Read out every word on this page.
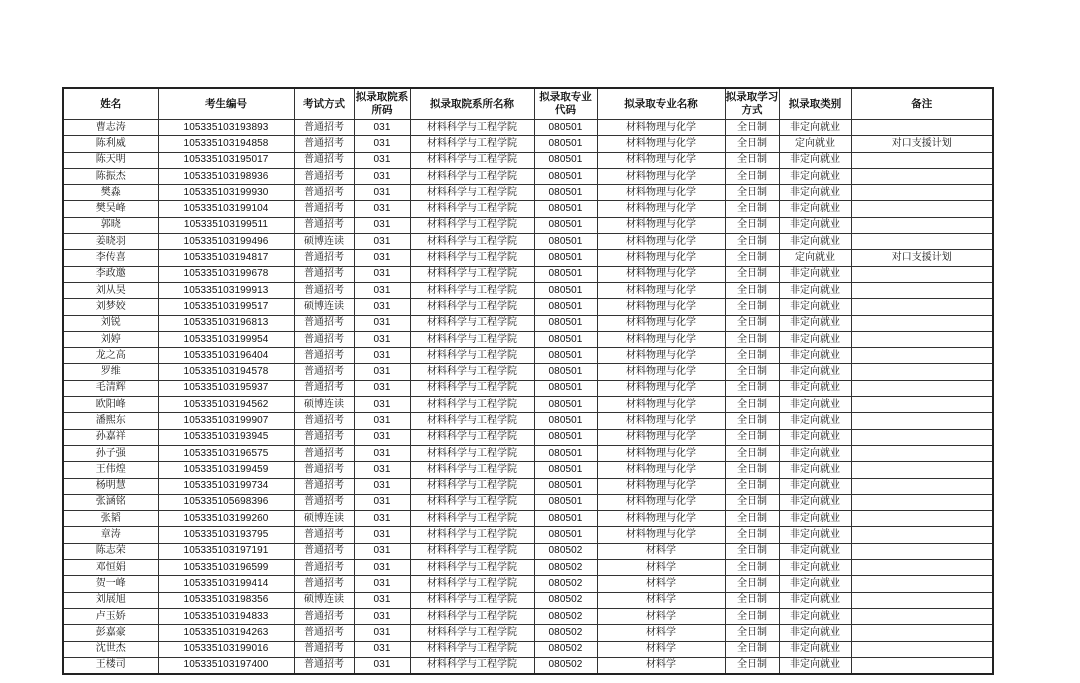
姓名	考生编号	考试方式	拟录取院系所码	拟录取院系所名称	拟录取专业代码	拟录取专业名称	拟录取学习方式	拟录取类别	备注
曹志涛	105335103193893	普通招考	031	材料科学与工程学院	080501	材料物理与化学	全日制	非定向就业	
陈利威	105335103194858	普通招考	031	材料科学与工程学院	080501	材料物理与化学	全日制	定向就业	对口支援计划
陈天明	105335103195017	普通招考	031	材料科学与工程学院	080501	材料物理与化学	全日制	非定向就业	
陈振杰	105335103198936	普通招考	031	材料科学与工程学院	080501	材料物理与化学	全日制	非定向就业	
樊淼	105335103199930	普通招考	031	材料科学与工程学院	080501	材料物理与化学	全日制	非定向就业	
樊吴峰	105335103199104	普通招考	031	材料科学与工程学院	080501	材料物理与化学	全日制	非定向就业	
郭晓	105335103199511	普通招考	031	材料科学与工程学院	080501	材料物理与化学	全日制	非定向就业	
姜晓羽	105335103199496	硕博连读	031	材料科学与工程学院	080501	材料物理与化学	全日制	非定向就业	
李传喜	105335103194817	普通招考	031	材料科学与工程学院	080501	材料物理与化学	全日制	定向就业	对口支援计划
李政邀	105335103199678	普通招考	031	材料科学与工程学院	080501	材料物理与化学	全日制	非定向就业	
刘从昊	105335103199913	普通招考	031	材料科学与工程学院	080501	材料物理与化学	全日制	非定向就业	
刘梦姣	105335103199517	硕博连读	031	材料科学与工程学院	080501	材料物理与化学	全日制	非定向就业	
刘锐	105335103196813	普通招考	031	材料科学与工程学院	080501	材料物理与化学	全日制	非定向就业	
刘婷	105335103199954	普通招考	031	材料科学与工程学院	080501	材料物理与化学	全日制	非定向就业	
龙之高	105335103196404	普通招考	031	材料科学与工程学院	080501	材料物理与化学	全日制	非定向就业	
罗维	105335103194578	普通招考	031	材料科学与工程学院	080501	材料物理与化学	全日制	非定向就业	
毛清辉	105335103195937	普通招考	031	材料科学与工程学院	080501	材料物理与化学	全日制	非定向就业	
欧阳峰	105335103194562	硕博连读	031	材料科学与工程学院	080501	材料物理与化学	全日制	非定向就业	
潘熙东	105335103199907	普通招考	031	材料科学与工程学院	080501	材料物理与化学	全日制	非定向就业	
孙嘉祥	105335103193945	普通招考	031	材料科学与工程学院	080501	材料物理与化学	全日制	非定向就业	
孙子强	105335103196575	普通招考	031	材料科学与工程学院	080501	材料物理与化学	全日制	非定向就业	
王伟煌	105335103199459	普通招考	031	材料科学与工程学院	080501	材料物理与化学	全日制	非定向就业	
杨明慧	105335103199734	普通招考	031	材料科学与工程学院	080501	材料物理与化学	全日制	非定向就业	
张涵铭	105335105698396	普通招考	031	材料科学与工程学院	080501	材料物理与化学	全日制	非定向就业	
张韬	105335103199260	硕博连读	031	材料科学与工程学院	080501	材料物理与化学	全日制	非定向就业	
章涛	105335103193795	普通招考	031	材料科学与工程学院	080501	材料物理与化学	全日制	非定向就业	
陈志荣	105335103197191	普通招考	031	材料科学与工程学院	080502	材料学	全日制	非定向就业	
邓恒娟	105335103196599	普通招考	031	材料科学与工程学院	080502	材料学	全日制	非定向就业	
贺一峰	105335103199414	普通招考	031	材料科学与工程学院	080502	材料学	全日制	非定向就业	
刘展旭	105335103198356	硕博连读	031	材料科学与工程学院	080502	材料学	全日制	非定向就业	
卢玉娇	105335103194833	普通招考	031	材料科学与工程学院	080502	材料学	全日制	非定向就业	
彭嘉豪	105335103194263	普通招考	031	材料科学与工程学院	080502	材料学	全日制	非定向就业	
沈世杰	105335103199016	普通招考	031	材料科学与工程学院	080502	材料学	全日制	非定向就业	
王楼司	105335103197400	普通招考	031	材料科学与工程学院	080502	材料学	全日制	非定向就业	
